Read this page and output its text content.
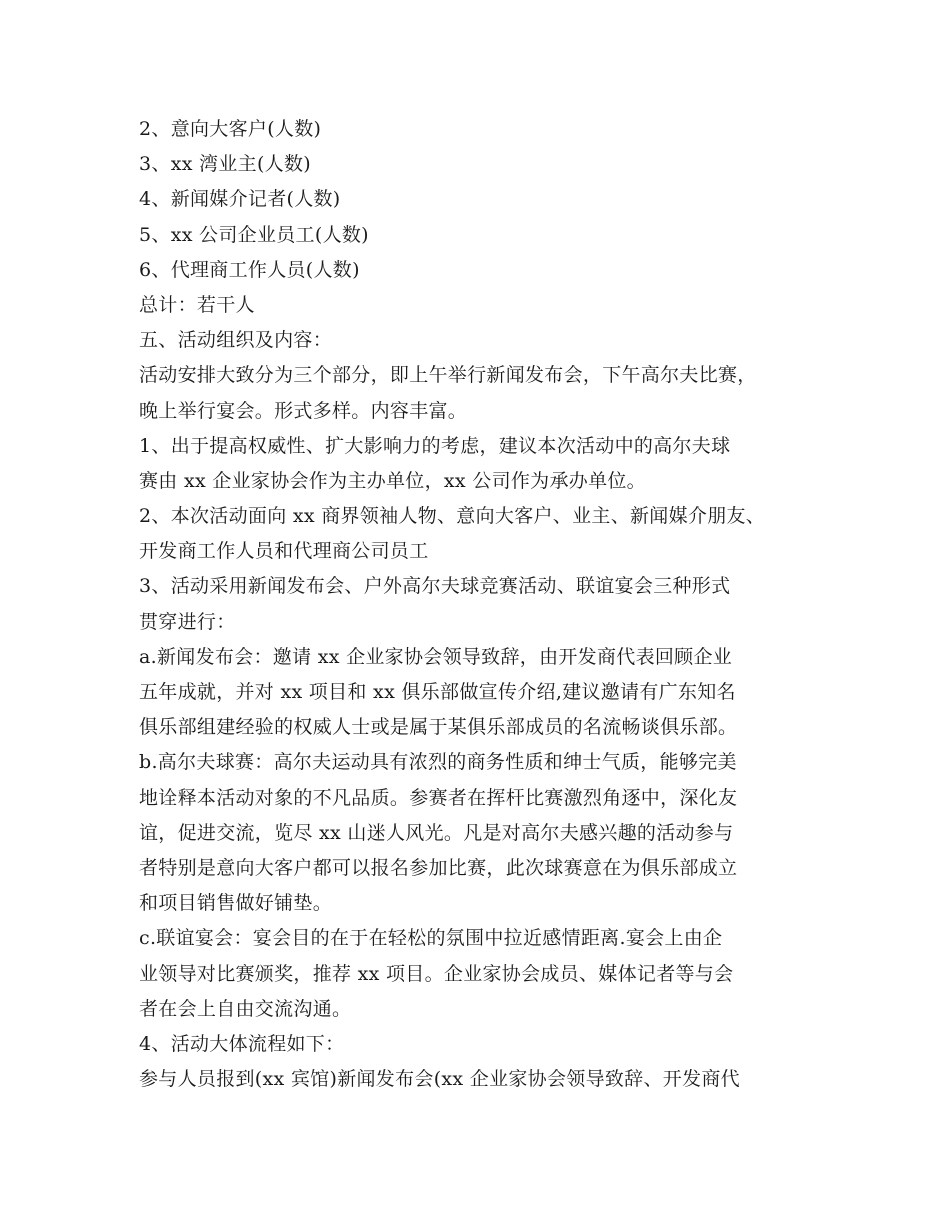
2、意向大客户(人数)
3、xx 湾业主(人数)
4、新闻媒介记者(人数)
5、xx 公司企业员工(人数)
6、代理商工作人员(人数)
总计：若干人
五、活动组织及内容：
活动安排大致分为三个部分，即上午举行新闻发布会，下午高尔夫比赛，
晚上举行宴会。形式多样。内容丰富。
1、出于提高权威性、扩大影响力的考虑，建议本次活动中的高尔夫球
赛由 xx 企业家协会作为主办单位，xx 公司作为承办单位。
2、本次活动面向 xx 商界领袖人物、意向大客户、业主、新闻媒介朋友、
开发商工作人员和代理商公司员工
3、活动采用新闻发布会、户外高尔夫球竞赛活动、联谊宴会三种形式
贯穿进行：
a.新闻发布会：邀请 xx 企业家协会领导致辞，由开发商代表回顾企业
五年成就，并对 xx 项目和 xx 俱乐部做宣传介绍,建议邀请有广东知名
俱乐部组建经验的权威人士或是属于某俱乐部成员的名流畅谈俱乐部。
b.高尔夫球赛：高尔夫运动具有浓烈的商务性质和绅士气质，能够完美
地诠释本活动对象的不凡品质。参赛者在挥杆比赛激烈角逐中，深化友
谊，促进交流，览尽 xx 山迷人风光。凡是对高尔夫感兴趣的活动参与
者特别是意向大客户都可以报名参加比赛，此次球赛意在为俱乐部成立
和项目销售做好铺垫。
c.联谊宴会：宴会目的在于在轻松的氛围中拉近感情距离.宴会上由企
业领导对比赛颁奖，推荐 xx 项目。企业家协会成员、媒体记者等与会
者在会上自由交流沟通。
4、活动大体流程如下：
参与人员报到(xx 宾馆)新闻发布会(xx 企业家协会领导致辞、开发商代
